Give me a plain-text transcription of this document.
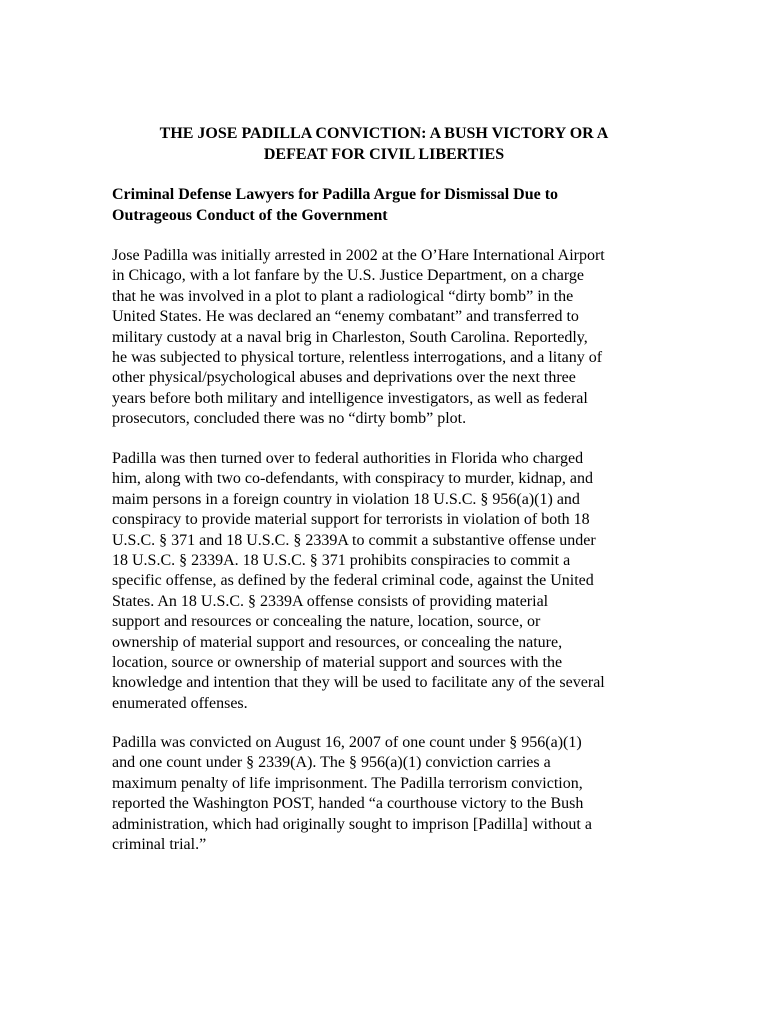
THE JOSE PADILLA CONVICTION: A BUSH VICTORY OR A
DEFEAT FOR CIVIL LIBERTIES
Criminal Defense Lawyers for Padilla Argue for Dismissal Due to
Outrageous Conduct of the Government

Jose Padilla was initially arrested in 2002 at the O’Hare International Airport
in Chicago, with a lot fanfare by the U.S. Justice Department, on a charge
that he was involved in a plot to plant a radiological “dirty bomb” in the
United States. He was declared an “enemy combatant” and transferred to
military custody at a naval brig in Charleston, South Carolina. Reportedly,
he was subjected to physical torture, relentless interrogations, and a litany of
other physical/psychological abuses and deprivations over the next three
years before both military and intelligence investigators, as well as federal
prosecutors, concluded there was no “dirty bomb” plot.

Padilla was then turned over to federal authorities in Florida who charged
him, along with two co-defendants, with conspiracy to murder, kidnap, and
maim persons in a foreign country in violation 18 U.S.C. § 956(a)(1) and
conspiracy to provide material support for terrorists in violation of both 18
U.S.C. § 371 and 18 U.S.C. § 2339A to commit a substantive offense under
18 U.S.C. § 2339A. 18 U.S.C. § 371 prohibits conspiracies to commit a
specific offense, as defined by the federal criminal code, against the United
States. An 18 U.S.C. § 2339A offense consists of providing material
support and resources or concealing the nature, location, source, or
ownership of material support and resources, or concealing the nature,
location, source or ownership of material support and sources with the
knowledge and intention that they will be used to facilitate any of the several
enumerated offenses.

Padilla was convicted on August 16, 2007 of one count under § 956(a)(1)
and one count under § 2339(A). The § 956(a)(1) conviction carries a
maximum penalty of life imprisonment. The Padilla terrorism conviction,
reported the Washington POST, handed “a courthouse victory to the Bush
administration, which had originally sought to imprison [Padilla] without a
criminal trial.”
